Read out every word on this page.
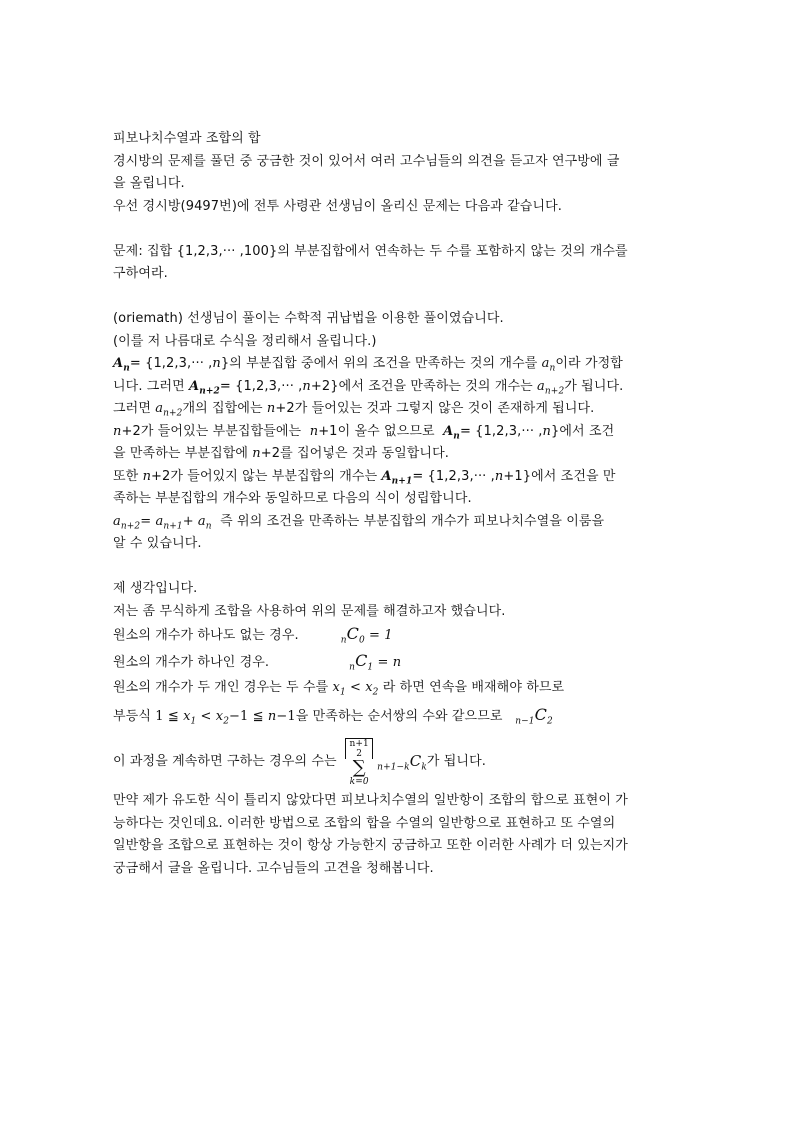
피보나치수열과 조합의 합
경시방의 문제를 풀던 중 궁금한 것이 있어서 여러 고수님들의 의견을 듣고자 연구방에 글
을 올립니다.
우선 경시방(9497번)에 전투 사령관 선생님이 올리신 문제는 다음과 같습니다.
문제: 집합 {1,2,3,··· ,100}의 부분집합에서 연속하는 두 수를 포함하지 않는 것의 개수를
구하여라.
(oriemath) 선생님이 풀이는 수학적 귀납법을 이용한 풀이였습니다.
(이를 저 나름대로 수식을 정리해서 올립니다.)
$A_n= \{1,2,3,\cdot\cdot\cdot ,n\}$의 부분집합 중에서 위의 조건을 만족하는 것의 개수를 $a_n$이라 가정합
니다. 그러면 $A_{n+2}= \{1,2,3,\cdot\cdot\cdot ,n+2\}$에서 조건을 만족하는 것의 개수는 $a_{n+2}$가 됩니다.
그러면 $a_{n+2}$개의 집합에는 n+2가 들어있는 것과 그렇지 않은 것이 존재하게 됩니다.
n+2가 들어있는 부분집합들에는 n+1이 올수 없으므로 $A_n= \{1,2,3,\cdot\cdot\cdot ,n\}$에서 조건
을 만족하는 부분집합에 n+2를 집어넣은 것과 동일합니다.
또한 n+2가 들어있지 않는 부분집합의 개수는 $A_{n+1}= \{1,2,3,\cdot\cdot\cdot ,n+1\}$에서 조건을 만
족하는 부분집합의 개수와 동일하므로 다음의 식이 성립합니다.
$a_{n+2}= a_{n+1}+ a_n$ 즉 위의 조건을 만족하는 부분집합의 개수가 피보나치수열을 이룸을
알 수 있습니다.
제 생각입니다.
저는 좀 무식하게 조합을 사용하여 위의 문제를 해결하고자 했습니다.
원소의 개수가 하나도 없는 경우.	$_nC_0 = 1$
원소의 개수가 하나인 경우.	$_nC_1 = n$
원소의 개수가 두 개인 경우는 두 수를 $x_1 < x_2$ 라 하면 연속을 배재해야 하므로
부등식 1 ≦ $x_1 < x_2-1$ ≦ n−1을 만족하는 순서쌍의 수와 같으므로 $_{n-1}C_2$
이 과정을 계속하면 구하는 경우의 수는

n+1
2
∑
k=0
$_{n+1-k}C_k$ 가 됩니다.
만약 제가 유도한 식이 틀리지 않았다면 피보나치수열의 일반항이 조합의 합으로 표현이 가
능하다는 것인데요. 이러한 방법으로 조합의 합을 수열의 일반항으로 표현하고 또 수열의
일반항을 조합으로 표현하는 것이 항상 가능한지 궁금하고 또한 이러한 사례가 더 있는지가
궁금해서 글을 올립니다. 고수님들의 고견을 청해봅니다.
